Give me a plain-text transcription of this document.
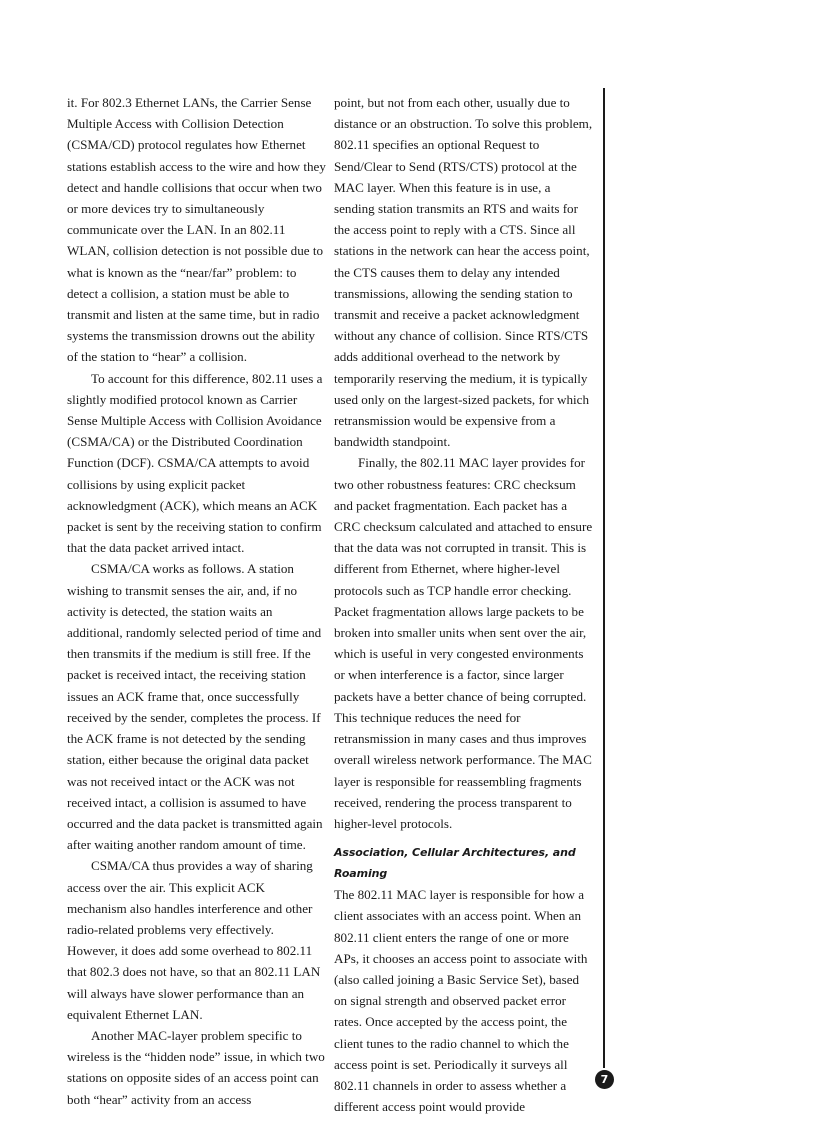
it. For 802.3 Ethernet LANs, the Carrier Sense Multiple Access with Collision Detection (CSMA/CD) protocol regulates how Ethernet stations establish access to the wire and how they detect and handle collisions that occur when two or more devices try to simultaneously communicate over the LAN. In an 802.11 WLAN, collision detection is not possible due to what is known as the “near/far” problem: to detect a collision, a station must be able to transmit and listen at the same time, but in radio systems the transmission drowns out the ability of the station to “hear” a collision.

To account for this difference, 802.11 uses a slightly modified protocol known as Carrier Sense Multiple Access with Collision Avoidance (CSMA/CA) or the Distributed Coordination Function (DCF). CSMA/CA attempts to avoid collisions by using explicit packet acknowledgment (ACK), which means an ACK packet is sent by the receiving station to confirm that the data packet arrived intact.

CSMA/CA works as follows. A station wishing to transmit senses the air, and, if no activity is detected, the station waits an additional, randomly selected period of time and then transmits if the medium is still free. If the packet is received intact, the receiving station issues an ACK frame that, once successfully received by the sender, completes the process. If the ACK frame is not detected by the sending station, either because the original data packet was not received intact or the ACK was not received intact, a collision is assumed to have occurred and the data packet is transmitted again after waiting another random amount of time.

CSMA/CA thus provides a way of sharing access over the air. This explicit ACK mechanism also handles interference and other radio-related problems very effectively. However, it does add some overhead to 802.11 that 802.3 does not have, so that an 802.11 LAN will always have slower performance than an equivalent Ethernet LAN.

Another MAC-layer problem specific to wireless is the “hidden node” issue, in which two stations on opposite sides of an access point can both “hear” activity from an access

point, but not from each other, usually due to distance or an obstruction. To solve this problem, 802.11 specifies an optional Request to Send/Clear to Send (RTS/CTS) protocol at the MAC layer. When this feature is in use, a sending station transmits an RTS and waits for the access point to reply with a CTS. Since all stations in the network can hear the access point, the CTS causes them to delay any intended transmissions, allowing the sending station to transmit and receive a packet acknowledgment without any chance of collision. Since RTS/CTS adds additional overhead to the network by temporarily reserving the medium, it is typically used only on the largest-sized packets, for which retransmission would be expensive from a bandwidth standpoint.

Finally, the 802.11 MAC layer provides for two other robustness features: CRC checksum and packet fragmentation. Each packet has a CRC checksum calculated and attached to ensure that the data was not corrupted in transit. This is different from Ethernet, where higher-level protocols such as TCP handle error checking. Packet fragmentation allows large packets to be broken into smaller units when sent over the air, which is useful in very congested environments or when interference is a factor, since larger packets have a better chance of being corrupted. This technique reduces the need for retransmission in many cases and thus improves overall wireless network performance. The MAC layer is responsible for reassembling fragments received, rendering the process transparent to higher-level protocols.

Association, Cellular Architectures, and Roaming

The 802.11 MAC layer is responsible for how a client associates with an access point. When an 802.11 client enters the range of one or more APs, it chooses an access point to associate with (also called joining a Basic Service Set), based on signal strength and observed packet error rates. Once accepted by the access point, the client tunes to the radio channel to which the access point is set. Periodically it surveys all 802.11 channels in order to assess whether a different access point would provide

7
